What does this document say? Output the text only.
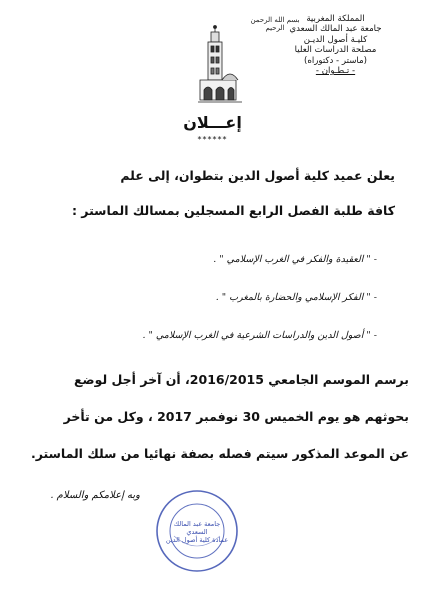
المملكة المغربية
جامعة عبد المالك السعدي
كليـة أصول الديـن
مصلحة الدراسات العليا
(ماستر - دكتوراه)
- تـطـوان -
بسم الله الرحمن الرحيم
إعـــلان
******
يعلن عميد كلية أصول الدين بتطوان، إلى علم
كافة طلبة الفصل الرابع المسجلين بمسالك الماستر :
- " العقيدة والفكر في الغرب الإسلامي " .
- " الفكر الإسلامي والحضارة بالمغرب " .
- " أصول الدين والدراسات الشرعية في الغرب الإسلامي " .
برسم الموسم الجامعي 2016/2015، أن آخر أجل لوضع
بحوثهم هو يوم الخميس 30 نوفمبر 2017 ، وكل من تأخر
عن الموعد المذكور سيتم فصله بصفة نهائيا من سلك الماستر.
وبه إعلامكم والسلام .
جامعة عبد المالك السعدي
عمادة كلية أصول الدين
